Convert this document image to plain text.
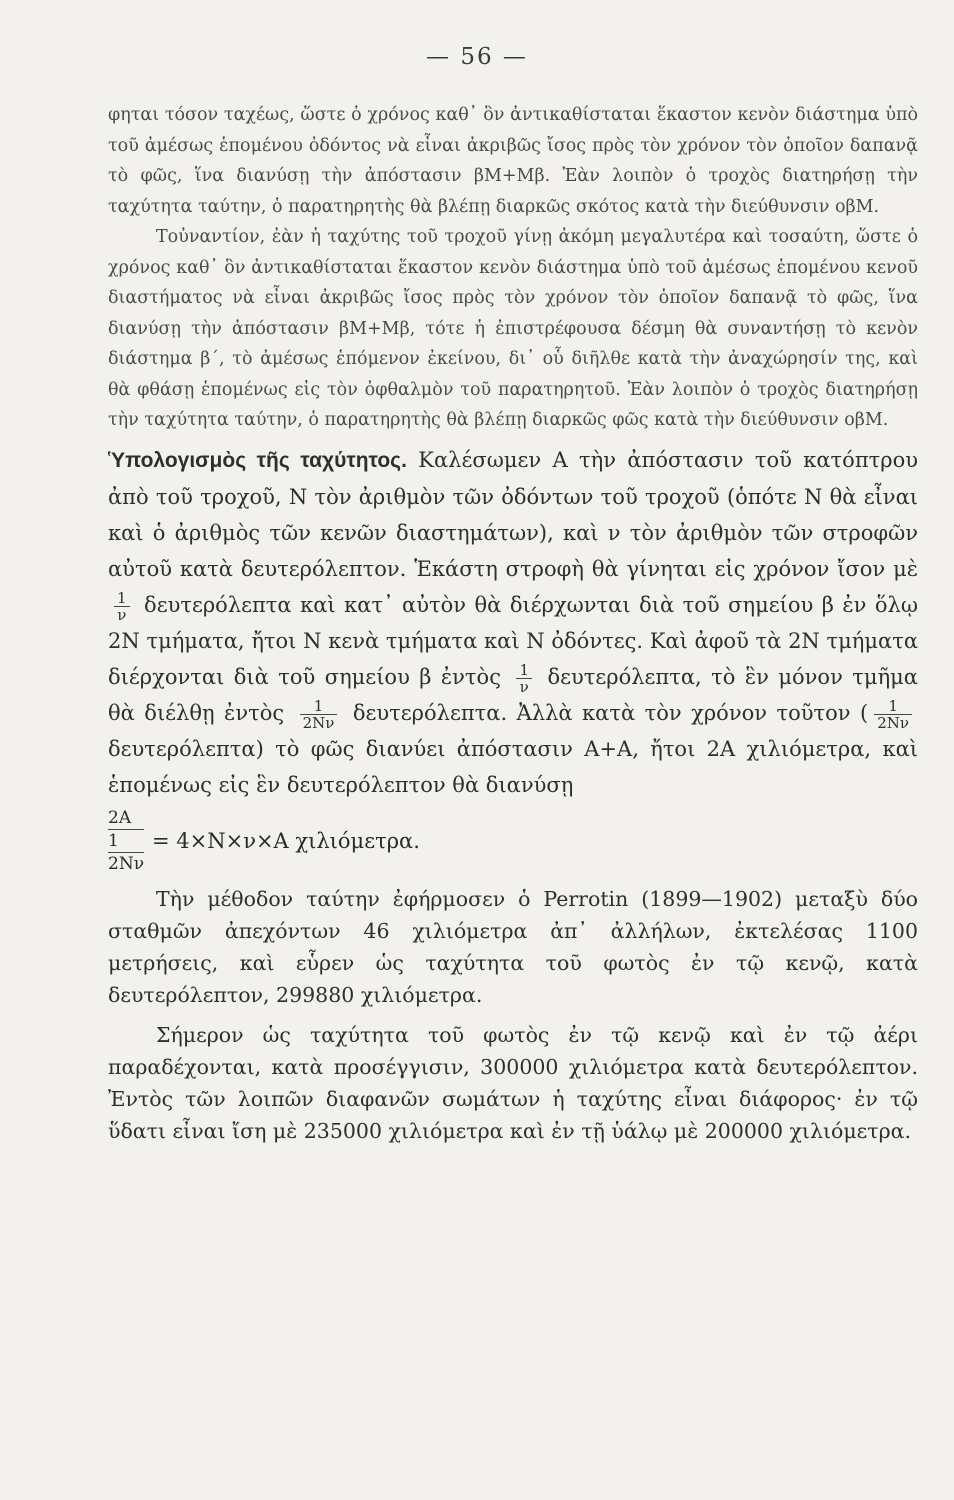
— 56 —
φηται τόσον ταχέως, ὥστε ὁ χρόνος καθ᾽ ὃν ἀντικαθίσταται ἕκαστον κενὸν διάστημα ὑπὸ τοῦ ἀμέσως ἑπομένου ὀδόντος νὰ εἶναι ἀκριβῶς ἴσος πρὸς τὸν χρόνον τὸν ὁποῖον δαπανᾷ τὸ φῶς, ἵνα διανύσῃ τὴν ἀπόστασιν βΜ+Μβ. Ἐὰν λοιπὸν ὁ τροχὸς διατηρήσῃ τὴν ταχύτητα ταύτην, ὁ παρατηρητὴς θὰ βλέπῃ διαρκῶς σκότος κατὰ τὴν διεύθυνσιν οβΜ.
Τοὐναντίον, ἐὰν ἡ ταχύτης τοῦ τροχοῦ γίνῃ ἀκόμη μεγαλυτέρα καὶ τοσαύτη, ὥστε ὁ χρόνος καθ᾽ ὃν ἀντικαθίσταται ἕκαστον κενὸν διάστημα ὑπὸ τοῦ ἀμέσως ἑπομένου κενοῦ διαστήματος νὰ εἶναι ἀκριβῶς ἴσος πρὸς τὸν χρόνον τὸν ὁποῖον δαπανᾷ τὸ φῶς, ἵνα διανύσῃ τὴν ἀπόστασιν βΜ+Μβ, τότε ἡ ἐπιστρέφουσα δέσμη θὰ συναντήσῃ τὸ κενὸν διάστημα β΄, τὸ ἀμέσως ἑπόμενον ἐκείνου, δι᾽ οὗ διῆλθε κατὰ τὴν ἀναχώρησίν της, καὶ θὰ φθάσῃ ἑπομένως εἰς τὸν ὀφθαλμὸν τοῦ παρατηρητοῦ. Ἐὰν λοιπὸν ὁ τροχὸς διατηρήσῃ τὴν ταχύτητα ταύτην, ὁ παρατηρητὴς θὰ βλέπῃ διαρκῶς φῶς κατὰ τὴν διεύθυνσιν οβΜ.
Ὑπολογισμὸς τῆς ταχύτητος. Καλέσωμεν Α τὴν ἀπόστασιν τοῦ κατόπτρου ἀπὸ τοῦ τροχοῦ, Ν τὸν ἀριθμὸν τῶν ὀδόντων τοῦ τροχοῦ (ὁπότε Ν θὰ εἶναι καὶ ὁ ἀριθμὸς τῶν κενῶν διαστημάτων), καὶ ν τὸν ἀριθμὸν τῶν στροφῶν αὐτοῦ κατὰ δευτερόλεπτον. Ἑκάστη στροφὴ θὰ γίνηται εἰς χρόνον ἴσον μὲ
$\frac{1}{\nu}$ δευτερόλεπτα καὶ κατ᾽ αὐτὸν θὰ διέρχωνται διὰ τοῦ σημείου β ἐν ὅλῳ 2Ν τμήματα, ἤτοι Ν κενὰ τμήματα καὶ Ν ὀδόντες. Καὶ ἀφοῦ τὰ 2Ν τμήματα διέρχονται διὰ τοῦ σημείου β ἐντὸς $\frac{1}{\nu} \delta\varepsilon\upsilon\tau\varepsilon\rho ό\lambda\varepsilon\pi\tau\alpha$, τὸ ἓν μόνον τμῆμα θὰ διέλθῃ ἐντὸς $\frac{1}{2N\nu} \delta\varepsilon\upsilon\tau\varepsilon\rho ό\lambda\varepsilon\pi\tau\alpha$. Ἀλλὰ κατὰ τὸν χρόνον τοῦτον ( $\frac{1}{2N\nu}$
δευτερόλεπτα) τὸ φῶς διανύει ἀπόστασιν Α+Α, ἤτοι 2Α χιλιόμετρα, καὶ ἑπομένως εἰς ἓν δευτερόλεπτον θὰ διανύσῃ
2Α
1
2Νν
= 4×Ν×ν×Α χιλιόμετρα.
Τὴν μέθοδον ταύτην ἐφήρμοσεν ὁ Perrotin (1899—1902) μεταξὺ δύο σταθμῶν ἀπεχόντων 46 χιλιόμετρα ἀπ᾽ ἀλλήλων, ἐκτελέσας 1100 μετρήσεις, καὶ εὗρεν ὡς ταχύτητα τοῦ φωτὸς ἐν τῷ κενῷ, κατὰ δευτερόλεπτον, 299880 χιλιόμετρα.
Σήμερον ὡς ταχύτητα τοῦ φωτὸς ἐν τῷ κενῷ καὶ ἐν τῷ ἀέρι παραδέχονται, κατὰ προσέγγισιν, 300000 χιλιόμετρα κατὰ δευτερόλεπτον. Ἐντὸς τῶν λοιπῶν διαφανῶν σωμάτων ἡ ταχύτης εἶναι διάφορος· ἐν τῷ ὕδατι εἶναι ἴση μὲ 235000 χιλιόμετρα καὶ ἐν τῇ ὑάλῳ μὲ 200000 χιλιόμετρα.
